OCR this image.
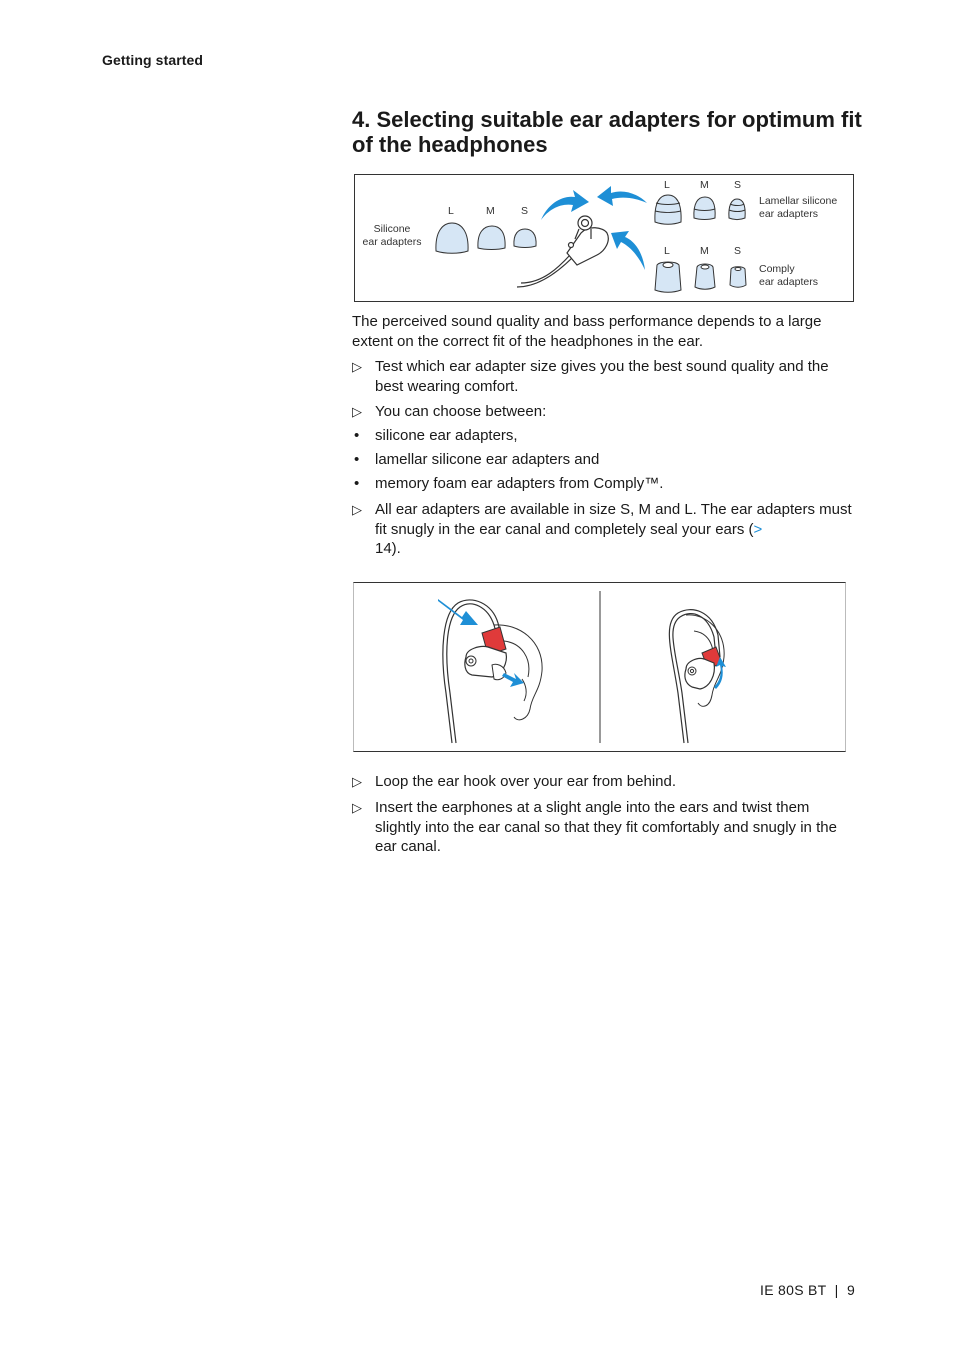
Getting started
4. Selecting suitable ear adapters for optimum fit of the headphones
Silicone
ear adapters
Lamellar silicone
ear adapters
Comply
ear adapters
L	M	S
L	M S
L	M S

The perceived sound quality and bass performance depends to a large extent on the correct fit of the headphones in the ear.

▷ Test which ear adapter size gives you the best sound quality and the best wearing comfort.
▷ You can choose between:
•	silicone ear adapters,
•	lamellar silicone ear adapters and
•	memory foam ear adapters from Comply™.
▷ All ear adapters are available in size S, M and L. The ear adapters must fit snugly in the ear canal and completely seal your ears (>
14).
▷ Loop the ear hook over your ear from behind.
▷ Insert the earphones at a slight angle into the ears and twist them slightly into the ear canal so that they fit comfortably and snugly in the ear canal.
IE 80S BT  |  9
